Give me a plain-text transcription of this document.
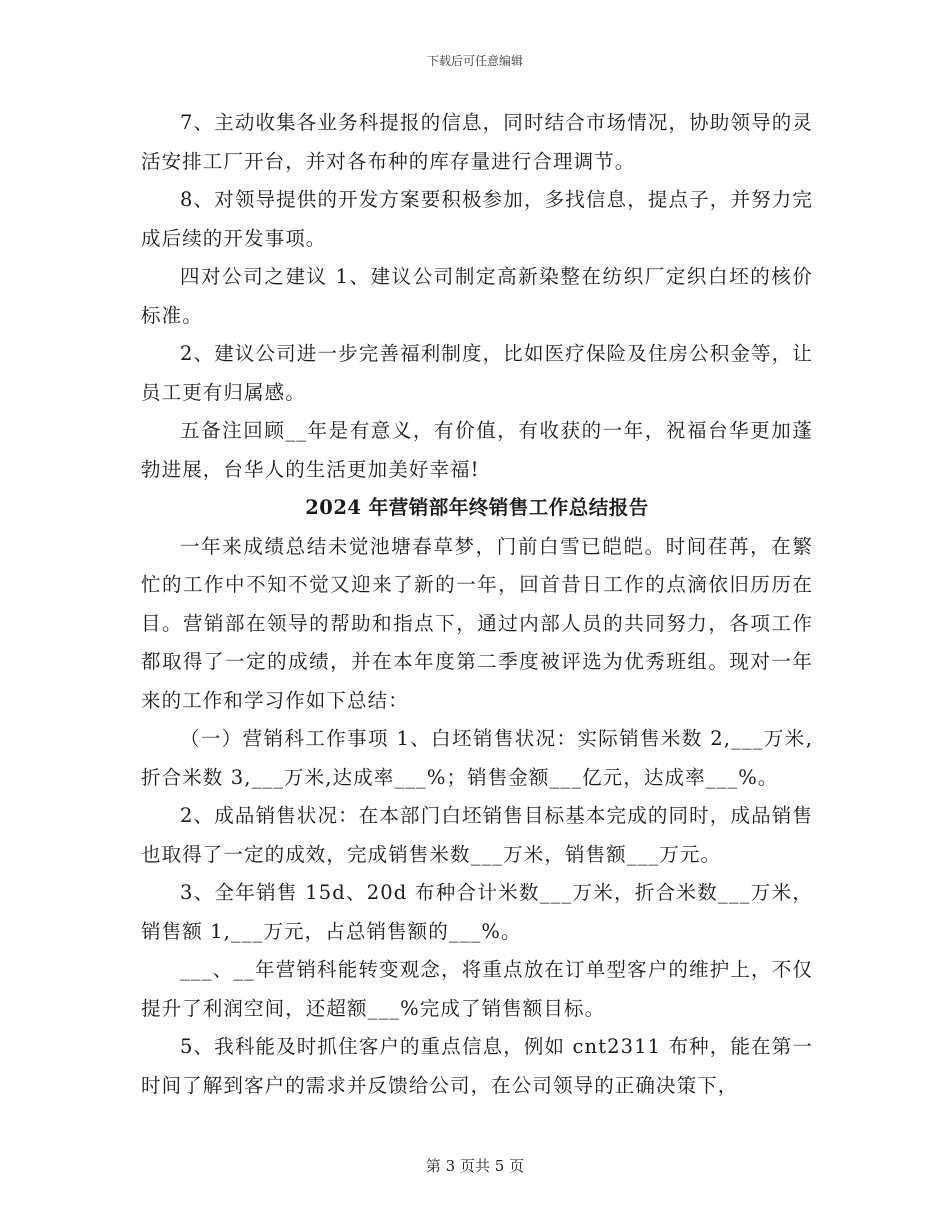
下载后可任意编辑

7、主动收集各业务科提报的信息，同时结合市场情况，协助领导的灵活安排工厂开台，并对各布种的库存量进行合理调节。

8、对领导提供的开发方案要积极参加，多找信息，提点子，并努力完成后续的开发事项。

四对公司之建议 1、建议公司制定高新染整在纺织厂定织白坯的核价标准。

2、建议公司进一步完善福利制度，比如医疗保险及住房公积金等，让员工更有归属感。

五备注回顾__年是有意义，有价值，有收获的一年，祝福台华更加蓬勃进展，台华人的生活更加美好幸福!

2024 年营销部年终销售工作总结报告

一年来成绩总结未觉池塘春草梦，门前白雪已皑皑。时间荏苒，在繁忙的工作中不知不觉又迎来了新的一年，回首昔日工作的点滴依旧历历在目。营销部在领导的帮助和指点下，通过内部人员的共同努力，各项工作都取得了一定的成绩，并在本年度第二季度被评选为优秀班组。现对一年来的工作和学习作如下总结：

（一）营销科工作事项 1、白坯销售状况：实际销售米数 2,___万米,折合米数 3,___万米,达成率___%；销售金额___亿元，达成率___%。

2、成品销售状况：在本部门白坯销售目标基本完成的同时，成品销售也取得了一定的成效，完成销售米数___万米，销售额___万元。

3、全年销售 15d、20d 布种合计米数___万米，折合米数___万米，销售额 1,___万元，占总销售额的___%。

___、__年营销科能转变观念，将重点放在订单型客户的维护上，不仅提升了利润空间，还超额___%完成了销售额目标。

5、我科能及时抓住客户的重点信息，例如 cnt2311 布种，能在第一时间了解到客户的需求并反馈给公司，在公司领导的正确决策下，

第 3 页共 5 页
